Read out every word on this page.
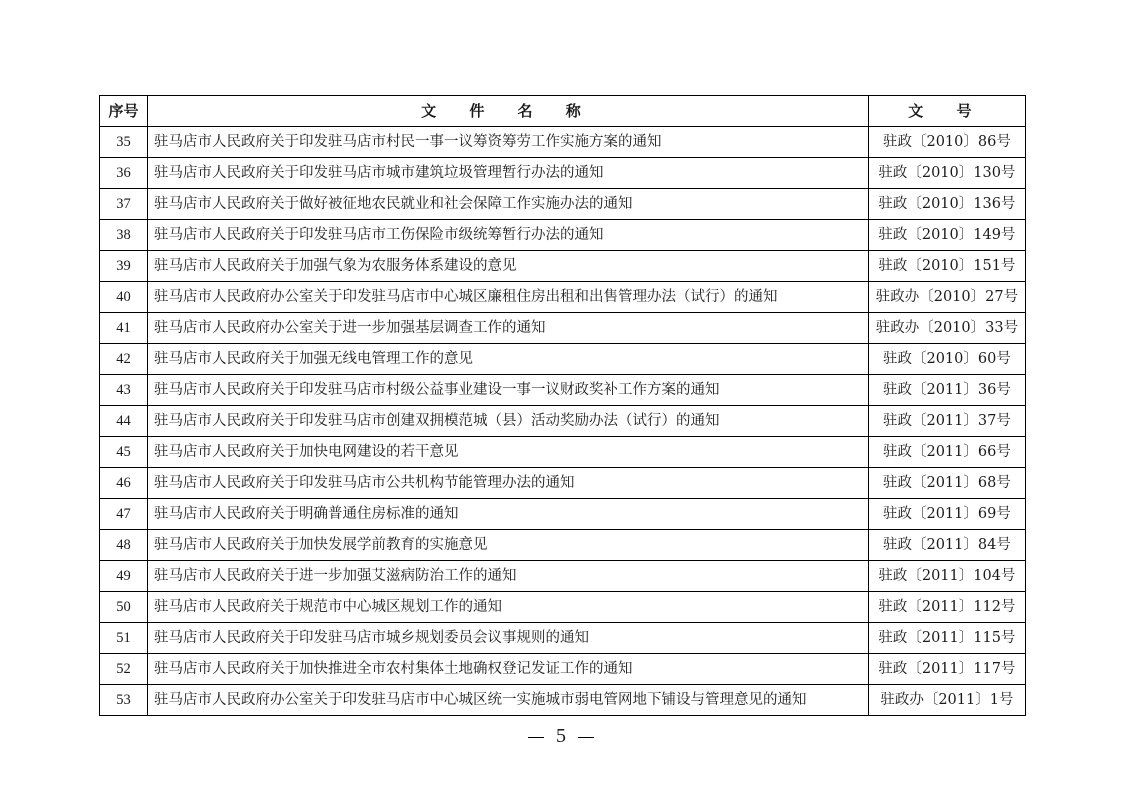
序号	文 件 名 称	文 号
35	驻马店市人民政府关于印发驻马店市村民一事一议筹资筹劳工作实施方案的通知	驻政〔2010〕86号
36	驻马店市人民政府关于印发驻马店市城市建筑垃圾管理暂行办法的通知	驻政〔2010〕130号
37	驻马店市人民政府关于做好被征地农民就业和社会保障工作实施办法的通知	驻政〔2010〕136号
38	驻马店市人民政府关于印发驻马店市工伤保险市级统筹暂行办法的通知	驻政〔2010〕149号
39	驻马店市人民政府关于加强气象为农服务体系建设的意见	驻政〔2010〕151号
40	驻马店市人民政府办公室关于印发驻马店市中心城区廉租住房出租和出售管理办法（试行）的通知	驻政办〔2010〕27号
41	驻马店市人民政府办公室关于进一步加强基层调查工作的通知	驻政办〔2010〕33号
42	驻马店市人民政府关于加强无线电管理工作的意见	驻政〔2010〕60号
43	驻马店市人民政府关于印发驻马店市村级公益事业建设一事一议财政奖补工作方案的通知	驻政〔2011〕36号
44	驻马店市人民政府关于印发驻马店市创建双拥模范城（县）活动奖励办法（试行）的通知	驻政〔2011〕37号
45	驻马店市人民政府关于加快电网建设的若干意见	驻政〔2011〕66号
46	驻马店市人民政府关于印发驻马店市公共机构节能管理办法的通知	驻政〔2011〕68号
47	驻马店市人民政府关于明确普通住房标准的通知	驻政〔2011〕69号
48	驻马店市人民政府关于加快发展学前教育的实施意见	驻政〔2011〕84号
49	驻马店市人民政府关于进一步加强艾滋病防治工作的通知	驻政〔2011〕104号
50	驻马店市人民政府关于规范市中心城区规划工作的通知	驻政〔2011〕112号
51	驻马店市人民政府关于印发驻马店市城乡规划委员会议事规则的通知	驻政〔2011〕115号
52	驻马店市人民政府关于加快推进全市农村集体土地确权登记发证工作的通知	驻政〔2011〕117号
53	驻马店市人民政府办公室关于印发驻马店市中心城区统一实施城市弱电管网地下铺设与管理意见的通知	驻政办〔2011〕1号
5
